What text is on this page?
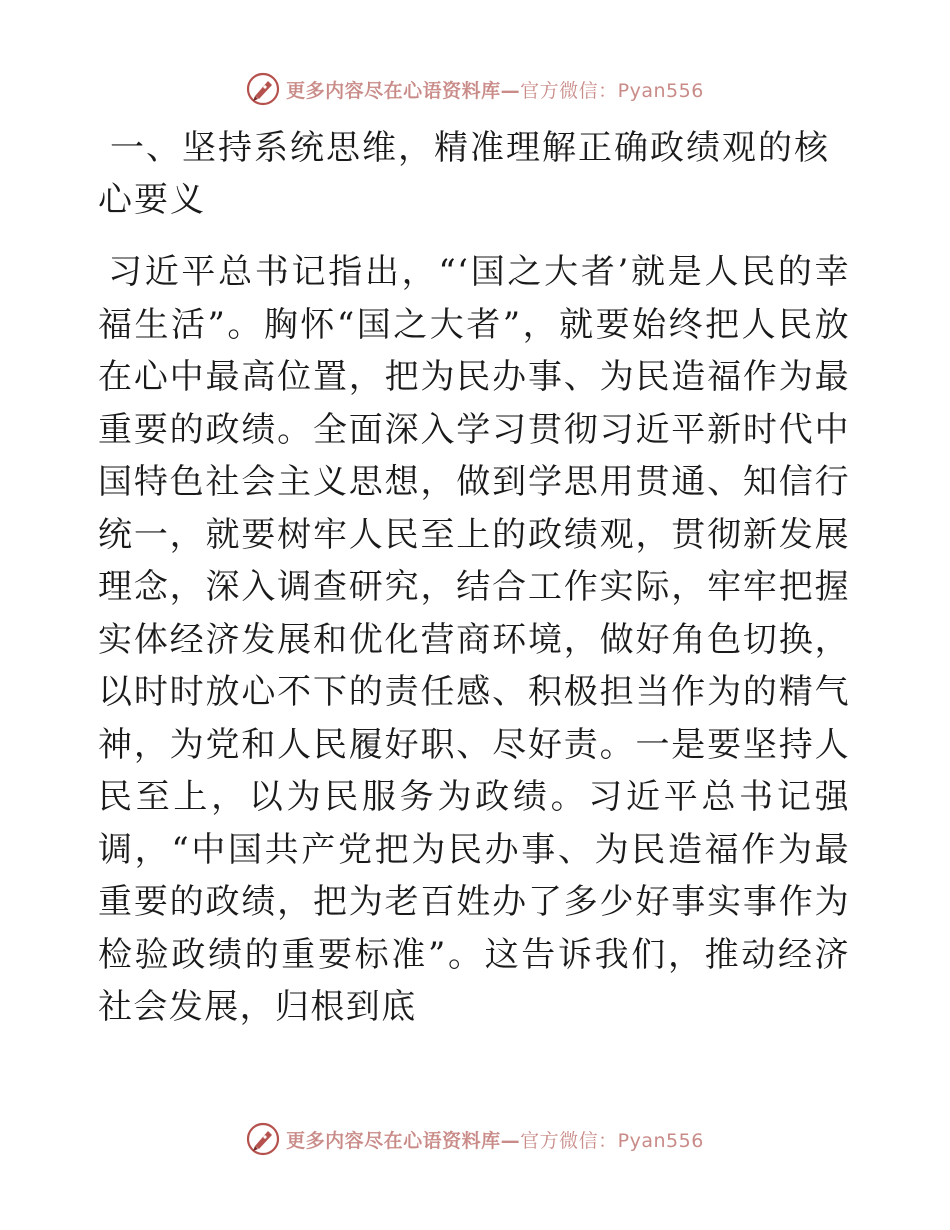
更多内容尽在心语资料库—官方微信：Pyan556
一、坚持系统思维，精准理解正确政绩观的核心要义

习近平总书记指出，“‘国之大者’就是人民的幸福生活”。胸怀“国之大者”，就要始终把人民放在心中最高位置，把为民办事、为民造福作为最重要的政绩。全面深入学习贯彻习近平新时代中国特色社会主义思想，做到学思用贯通、知信行统一，就要树牢人民至上的政绩观，贯彻新发展理念，深入调查研究，结合工作实际，牢牢把握实体经济发展和优化营商环境，做好角色切换，以时时放心不下的责任感、积极担当作为的精气神，为党和人民履好职、尽好责。一是要坚持人民至上，以为民服务为政绩。习近平总书记强调，“中国共产党把为民办事、为民造福作为最重要的政绩，把为老百姓办了多少好事实事作为检验政绩的重要标准”。这告诉我们，推动经济社会发展，归根到底

更多内容尽在心语资料库—官方微信：Pyan556
